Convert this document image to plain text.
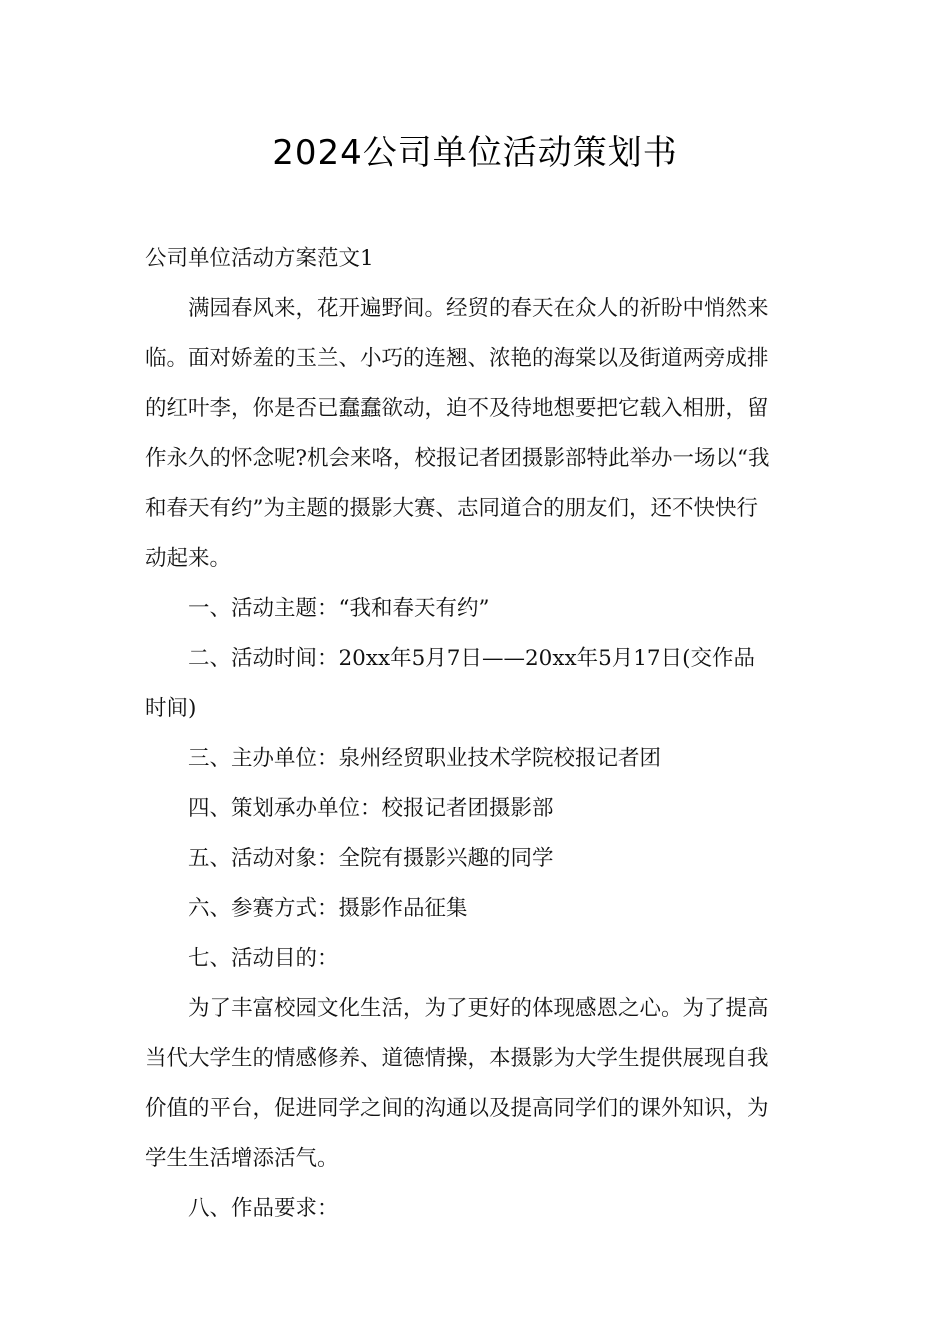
2024公司单位活动策划书
公司单位活动方案范文1
满园春风来，花开遍野间。经贸的春天在众人的祈盼中悄然来
临。面对娇羞的玉兰、小巧的连翘、浓艳的海棠以及街道两旁成排
的红叶李，你是否已蠢蠢欲动，迫不及待地想要把它载入相册，留
作永久的怀念呢?机会来咯，校报记者团摄影部特此举办一场以“我
和春天有约”为主题的摄影大赛、志同道合的朋友们，还不快快行
动起来。
一、活动主题：“我和春天有约”
二、活动时间：20xx年5月7日——20xx年5月17日(交作品
时间)
三、主办单位：泉州经贸职业技术学院校报记者团
四、策划承办单位：校报记者团摄影部
五、活动对象：全院有摄影兴趣的同学
六、参赛方式：摄影作品征集
七、活动目的：
为了丰富校园文化生活，为了更好的体现感恩之心。为了提高
当代大学生的情感修养、道德情操，本摄影为大学生提供展现自我
价值的平台，促进同学之间的沟通以及提高同学们的课外知识，为
学生生活增添活气。
八、作品要求：
